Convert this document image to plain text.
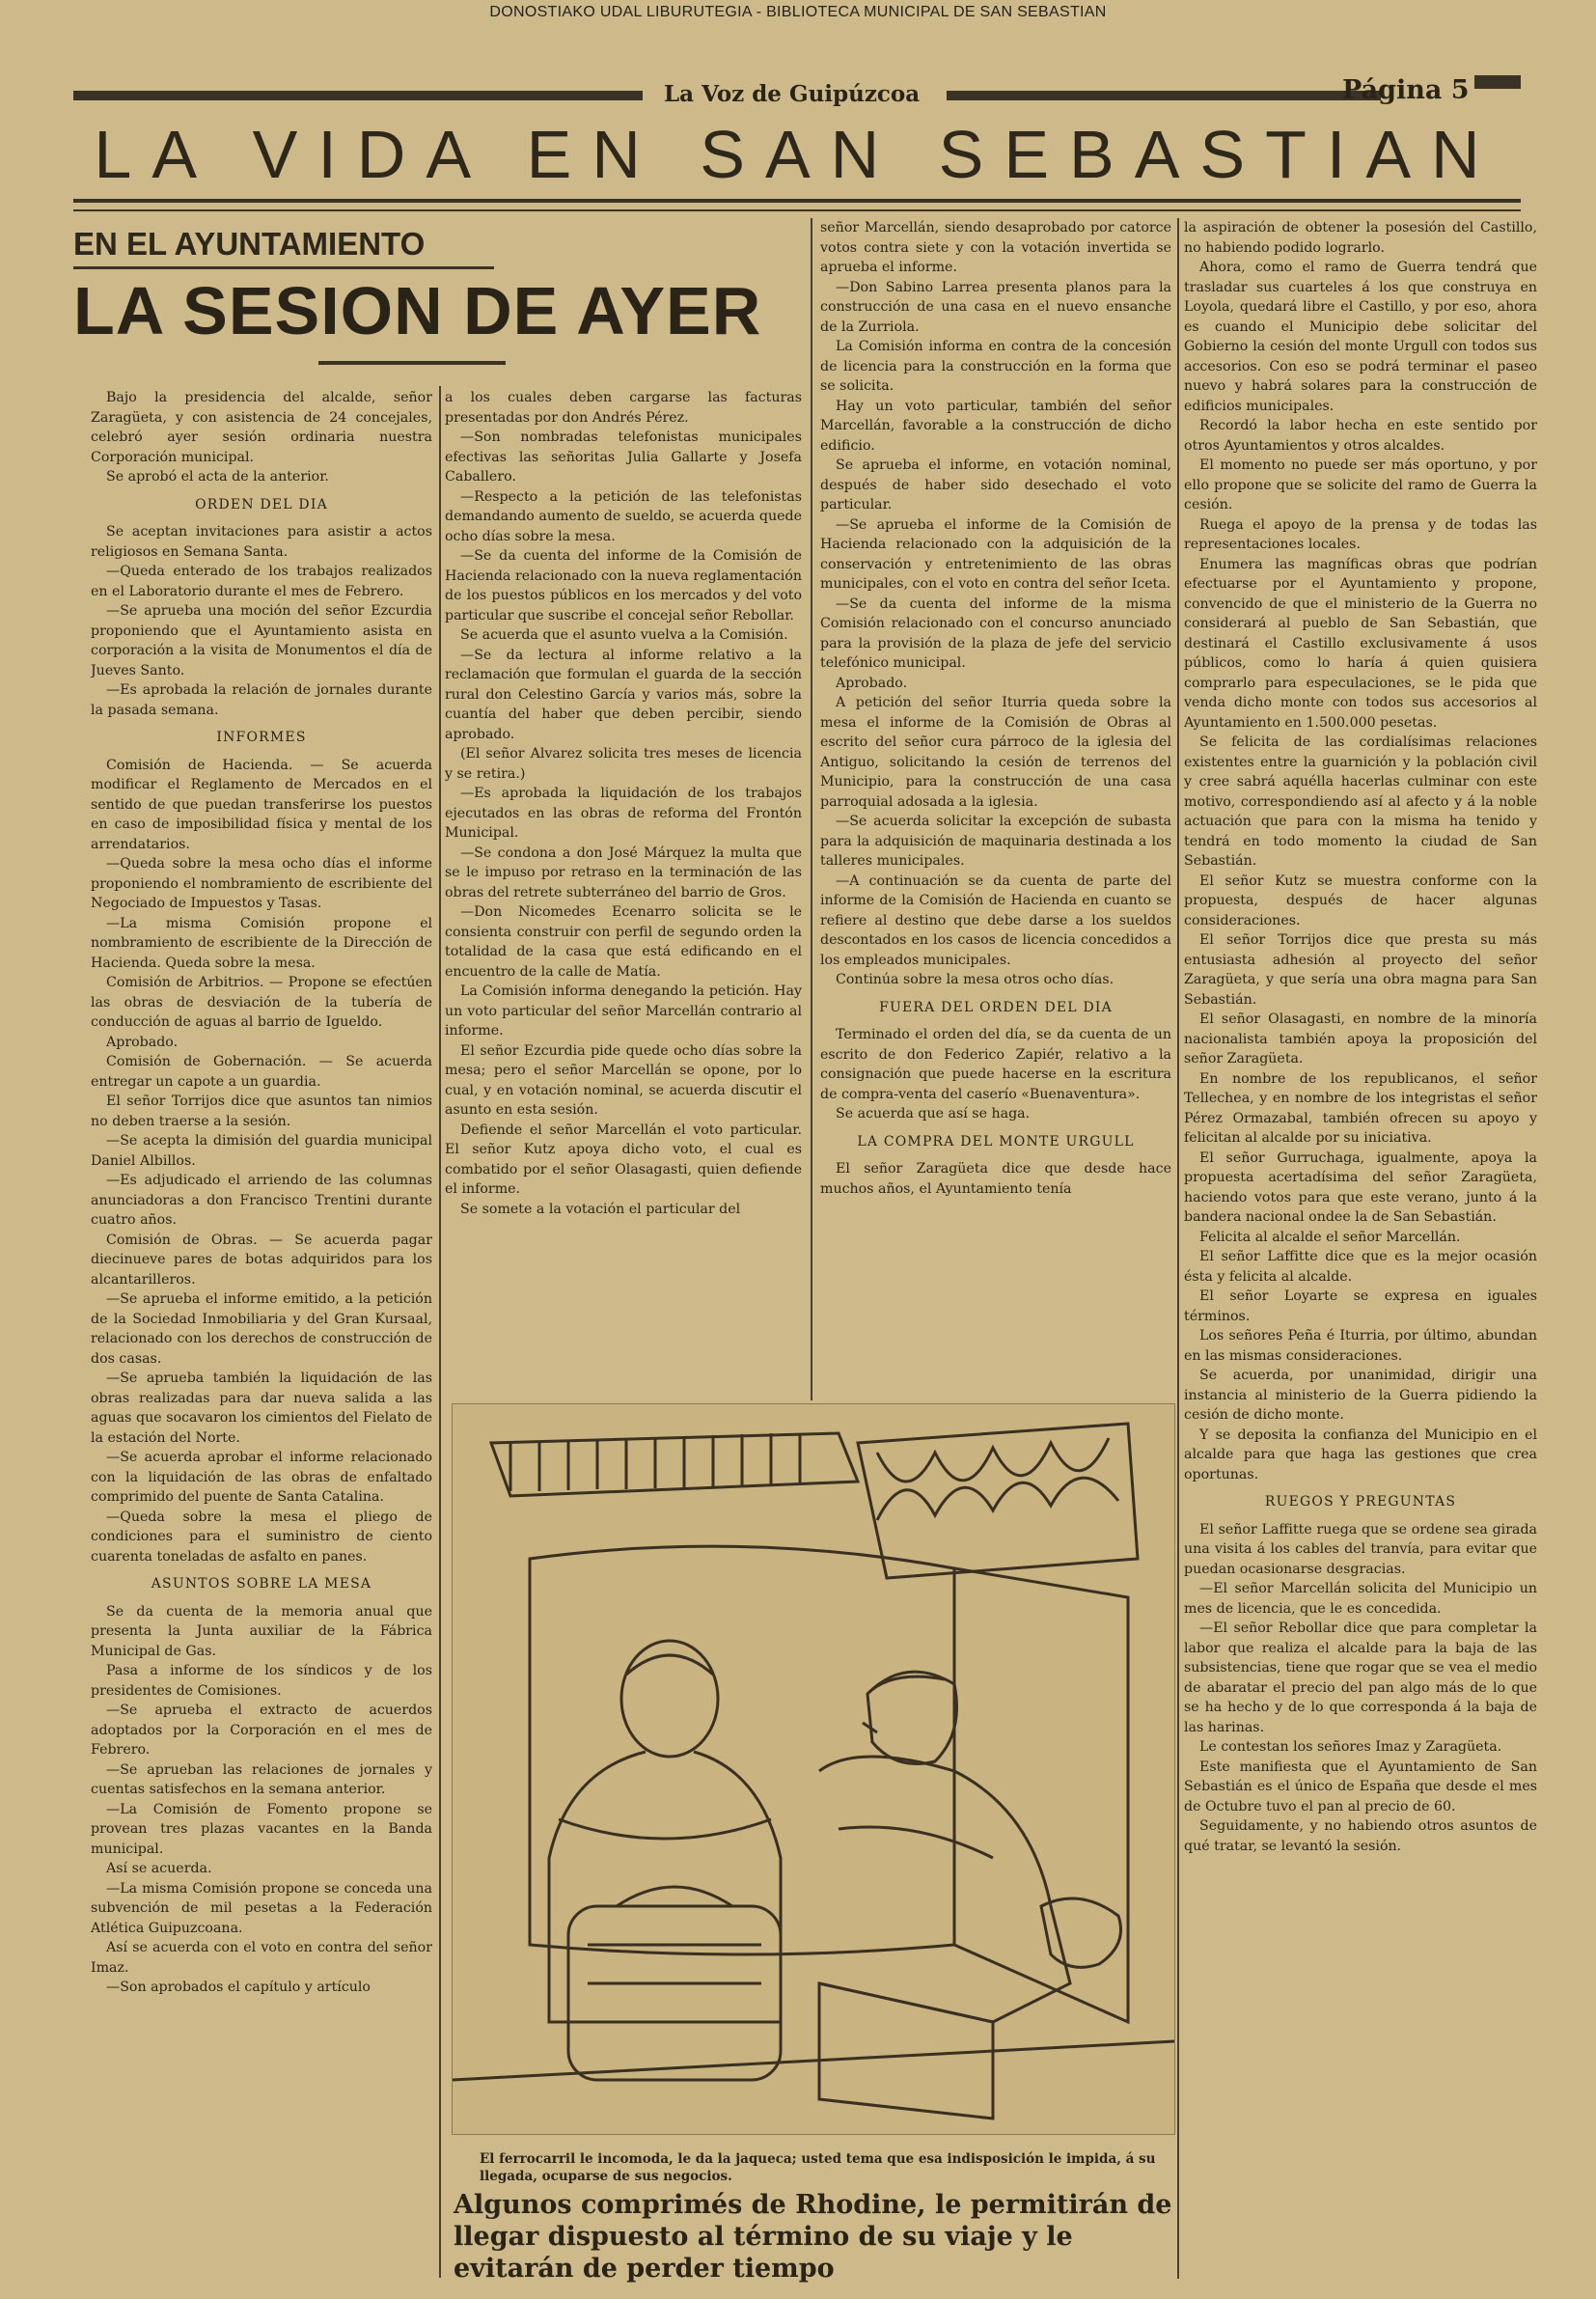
DONOSTIAKO UDAL LIBURUTEGIA - BIBLIOTECA MUNICIPAL DE SAN SEBASTIAN
La Voz de Guipúzcoa	Página 5
LA VIDA EN SAN SEBASTIAN
EN EL AYUNTAMIENTO
LA SESION DE AYER

Bajo la presidencia del alcalde, señor Zaragüeta, y con asistencia de 24 concejales, celebró ayer sesión ordinaria nuestra Corporación municipal.

Se aprobó el acta de la anterior.

ORDEN DEL DIA

Se aceptan invitaciones para asistir a actos religiosos en Semana Santa.

—Queda enterado de los trabajos realizados en el Laboratorio durante el mes de Febrero.

—Se aprueba una moción del señor Ezcurdia proponiendo que el Ayuntamiento asista en corporación a la visita de Monumentos el día de Jueves Santo.

—Es aprobada la relación de jornales durante la pasada semana.

INFORMES

Comisión de Hacienda. — Se acuerda modificar el Reglamento de Mercados en el sentido de que puedan transferirse los puestos en caso de imposibilidad física y mental de los arrendatarios.

—Queda sobre la mesa ocho días el informe proponiendo el nombramiento de escribiente del Negociado de Impuestos y Tasas.

—La misma Comisión propone el nombramiento de escribiente de la Dirección de Hacienda. Queda sobre la mesa.

Comisión de Arbitrios. — Propone se efectúen las obras de desviación de la tubería de conducción de aguas al barrio de Igueldo.

Aprobado.

Comisión de Gobernación. — Se acuerda entregar un capote a un guardia.

El señor Torrijos dice que asuntos tan nimios no deben traerse a la sesión.

—Se acepta la dimisión del guardia municipal Daniel Albillos.

—Es adjudicado el arriendo de las columnas anunciadoras a don Francisco Trentini durante cuatro años.

Comisión de Obras. — Se acuerda pagar diecinueve pares de botas adquiridos para los alcantarilleros.

—Se aprueba el informe emitido, a la petición de la Sociedad Inmobiliaria y del Gran Kursaal, relacionado con los derechos de construcción de dos casas.

—Se aprueba también la liquidación de las obras realizadas para dar nueva salida a las aguas que socavaron los cimientos del Fielato de la estación del Norte.

—Se acuerda aprobar el informe relacionado con la liquidación de las obras de enfaltado comprimido del puente de Santa Catalina.

—Queda sobre la mesa el pliego de condiciones para el suministro de ciento cuarenta toneladas de asfalto en panes.

ASUNTOS SOBRE LA MESA

Se da cuenta de la memoria anual que presenta la Junta auxiliar de la Fábrica Municipal de Gas.

Pasa a informe de los síndicos y de los presidentes de Comisiones.

—Se aprueba el extracto de acuerdos adoptados por la Corporación en el mes de Febrero.

—Se aprueban las relaciones de jornales y cuentas satisfechos en la semana anterior.

—La Comisión de Fomento propone se provean tres plazas vacantes en la Banda municipal.

Así se acuerda.

—La misma Comisión propone se conceda una subvención de mil pesetas a la Federación Atlética Guipuzcoana.

Así se acuerda con el voto en contra del señor Imaz.

—Son aprobados el capítulo y artículo

a los cuales deben cargarse las facturas presentadas por don Andrés Pérez.

—Son nombradas telefonistas municipales efectivas las señoritas Julia Gallarte y Josefa Caballero.

—Respecto a la petición de las telefonistas demandando aumento de sueldo, se acuerda quede ocho días sobre la mesa.

—Se da cuenta del informe de la Comisión de Hacienda relacionado con la nueva reglamentación de los puestos públicos en los mercados y del voto particular que suscribe el concejal señor Rebollar.

Se acuerda que el asunto vuelva a la Comisión.

—Se da lectura al informe relativo a la reclamación que formulan el guarda de la sección rural don Celestino García y varios más, sobre la cuantía del haber que deben percibir, siendo aprobado.

(El señor Alvarez solicita tres meses de licencia y se retira.)

—Es aprobada la liquidación de los trabajos ejecutados en las obras de reforma del Frontón Municipal.

—Se condona a don José Márquez la multa que se le impuso por retraso en la terminación de las obras del retrete subterráneo del barrio de Gros.

—Don Nicomedes Ecenarro solicita se le consienta construir con perfil de segundo orden la totalidad de la casa que está edificando en el encuentro de la calle de Matía.

La Comisión informa denegando la petición. Hay un voto particular del señor Marcellán contrario al informe.

El señor Ezcurdia pide quede ocho días sobre la mesa; pero el señor Marcellán se opone, por lo cual, y en votación nominal, se acuerda discutir el asunto en esta sesión.

Defiende el señor Marcellán el voto particular. El señor Kutz apoya dicho voto, el cual es combatido por el señor Olasagasti, quien defiende el informe.

Se somete a la votación el particular del

señor Marcellán, siendo desaprobado por catorce votos contra siete y con la votación invertida se aprueba el informe.

—Don Sabino Larrea presenta planos para la construcción de una casa en el nuevo ensanche de la Zurriola.

La Comisión informa en contra de la concesión de licencia para la construcción en la forma que se solicita.

Hay un voto particular, también del señor Marcellán, favorable a la construcción de dicho edificio.

Se aprueba el informe, en votación nominal, después de haber sido desechado el voto particular.

—Se aprueba el informe de la Comisión de Hacienda relacionado con la adquisición de la conservación y entretenimiento de las obras municipales, con el voto en contra del señor Iceta.

—Se da cuenta del informe de la misma Comisión relacionado con el concurso anunciado para la provisión de la plaza de jefe del servicio telefónico municipal.

Aprobado.

A petición del señor Iturria queda sobre la mesa el informe de la Comisión de Obras al escrito del señor cura párroco de la iglesia del Antiguo, solicitando la cesión de terrenos del Municipio, para la construcción de una casa parroquial adosada a la iglesia.

—Se acuerda solicitar la excepción de subasta para la adquisición de maquinaria destinada a los talleres municipales.

—A continuación se da cuenta de parte del informe de la Comisión de Hacienda en cuanto se refiere al destino que debe darse a los sueldos descontados en los casos de licencia concedidos a los empleados municipales.

Continúa sobre la mesa otros ocho días.

FUERA DEL ORDEN DEL DIA

Terminado el orden del día, se da cuenta de un escrito de don Federico Zapiér, relativo a la consignación que puede hacerse en la escritura de compra-venta del caserío «Buenaventura».

Se acuerda que así se haga.

LA COMPRA DEL MONTE URGULL

El señor Zaragüeta dice que desde hace muchos años, el Ayuntamiento tenía

la aspiración de obtener la posesión del Castillo, no habiendo podido lograrlo.

Ahora, como el ramo de Guerra tendrá que trasladar sus cuarteles á los que construya en Loyola, quedará libre el Castillo, y por eso, ahora es cuando el Municipio debe solicitar del Gobierno la cesión del monte Urgull con todos sus accesorios. Con eso se podrá terminar el paseo nuevo y habrá solares para la construcción de edificios municipales.

Recordó la labor hecha en este sentido por otros Ayuntamientos y otros alcaldes.

El momento no puede ser más oportuno, y por ello propone que se solicite del ramo de Guerra la cesión.

Ruega el apoyo de la prensa y de todas las representaciones locales.

Enumera las magníficas obras que podrían efectuarse por el Ayuntamiento y propone, convencido de que el ministerio de la Guerra no considerará al pueblo de San Sebastián, que destinará el Castillo exclusivamente á usos públicos, como lo haría á quien quisiera comprarlo para especulaciones, se le pida que venda dicho monte con todos sus accesorios al Ayuntamiento en 1.500.000 pesetas.

Se felicita de las cordialísimas relaciones existentes entre la guarnición y la población civil y cree sabrá aquélla hacerlas culminar con este motivo, correspondiendo así al afecto y á la noble actuación que para con la misma ha tenido y tendrá en todo momento la ciudad de San Sebastián.

El señor Kutz se muestra conforme con la propuesta, después de hacer algunas consideraciones.

El señor Torrijos dice que presta su más entusiasta adhesión al proyecto del señor Zaragüeta, y que sería una obra magna para San Sebastián.

El señor Olasagasti, en nombre de la minoría nacionalista también apoya la proposición del señor Zaragüeta.

En nombre de los republicanos, el señor Tellechea, y en nombre de los integristas el señor Pérez Ormazabal, también ofrecen su apoyo y felicitan al alcalde por su iniciativa.

El señor Gurruchaga, igualmente, apoya la propuesta acertadísima del señor Zaragüeta, haciendo votos para que este verano, junto á la bandera nacional ondee la de San Sebastián.

Felicita al alcalde el señor Marcellán.

El señor Laffitte dice que es la mejor ocasión ésta y felicita al alcalde.

El señor Loyarte se expresa en iguales términos.

Los señores Peña é Iturria, por último, abundan en las mismas consideraciones.

Se acuerda, por unanimidad, dirigir una instancia al ministerio de la Guerra pidiendo la cesión de dicho monte.

Y se deposita la confianza del Municipio en el alcalde para que haga las gestiones que crea oportunas.

RUEGOS Y PREGUNTAS

El señor Laffitte ruega que se ordene sea girada una visita á los cables del tranvía, para evitar que puedan ocasionarse desgracias.

—El señor Marcellán solicita del Municipio un mes de licencia, que le es concedida.

—El señor Rebollar dice que para completar la labor que realiza el alcalde para la baja de las subsistencias, tiene que rogar que se vea el medio de abaratar el precio del pan algo más de lo que se ha hecho y de lo que corresponda á la baja de las harinas.

Le contestan los señores Imaz y Zaragüeta.

Este manifiesta que el Ayuntamiento de San Sebastián es el único de España que desde el mes de Octubre tuvo el pan al precio de 60.

Seguidamente, y no habiendo otros asuntos de qué tratar, se levantó la sesión.

El ferrocarril le incomoda, le da la jaqueca; usted tema que esa indisposición le impida, á su llegada, ocuparse de sus negocios.
Algunos comprimés de Rhodine, le permitirán de llegar dispuesto al término de su viaje y le evitarán de perder tiempo
